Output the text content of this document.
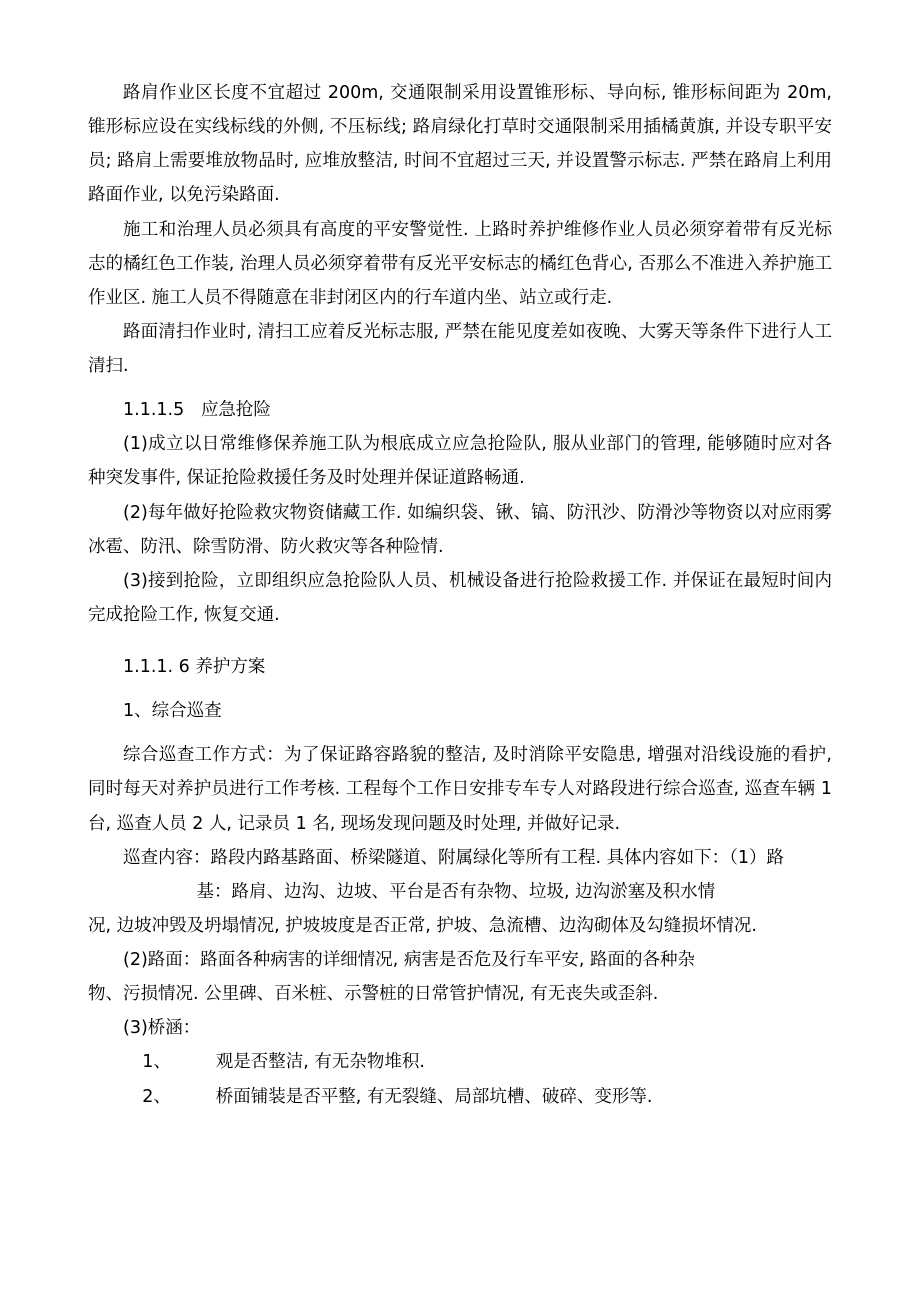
路肩作业区长度不宜超过 200m, 交通限制采用设置锥形标、导向标, 锥形标间距为 20m, 锥形标应设在实线标线的外侧, 不压标线; 路肩绿化打草时交通限制采用插橘黄旗, 并设专职平安员; 路肩上需要堆放物品时, 应堆放整洁, 时间不宜超过三天, 并设置警示标志. 严禁在路肩上利用路面作业, 以免污染路面.

施工和治理人员必须具有高度的平安警觉性. 上路时养护维修作业人员必须穿着带有反光标志的橘红色工作装, 治理人员必须穿着带有反光平安标志的橘红色背心, 否那么不准进入养护施工作业区. 施工人员不得随意在非封闭区内的行车道内坐、站立或行走.

路面清扫作业时, 清扫工应着反光标志服, 严禁在能见度差如夜晚、大雾天等条件下进行人工清扫.

1.1.1.5 应急抢险

(1)成立以日常维修保养施工队为根底成立应急抢险队, 服从业部门的管理, 能够随时应对各种突发事件, 保证抢险救援任务及时处理并保证道路畅通.

(2)每年做好抢险救灾物资储藏工作. 如编织袋、锹、镐、防汛沙、防滑沙等物资以对应雨雾冰雹、防汛、除雪防滑、防火救灾等各种险情.

(3)接到抢险，立即组织应急抢险队人员、机械设备进行抢险救援工作. 并保证在最短时间内完成抢险工作, 恢复交通.

1.1.1. 6 养护方案

1、综合巡查

综合巡查工作方式：为了保证路容路貌的整洁, 及时消除平安隐患, 增强对沿线设施的看护, 同时每天对养护员进行工作考核. 工程每个工作日安排专车专人对路段进行综合巡查, 巡查车辆 1 台, 巡查人员 2 人, 记录员 1 名, 现场发现问题及时处理, 并做好记录.

巡查内容：路段内路基路面、桥梁隧道、附属绿化等所有工程. 具体内容如下：（1）路

基：路肩、边沟、边坡、平台是否有杂物、垃圾, 边沟淤塞及积水情

况, 边坡冲毁及坍塌情况, 护坡坡度是否正常, 护坡、急流槽、边沟砌体及勾缝损坏情况.

(2)路面：路面各种病害的详细情况, 病害是否危及行车平安, 路面的各种杂

物、污损情况. 公里碑、百米桩、示警桩的日常管护情况, 有无丧失或歪斜.

(3)桥涵：

1、	观是否整洁, 有无杂物堆积.

2、	桥面铺装是否平整, 有无裂缝、局部坑槽、破碎、变形等.
